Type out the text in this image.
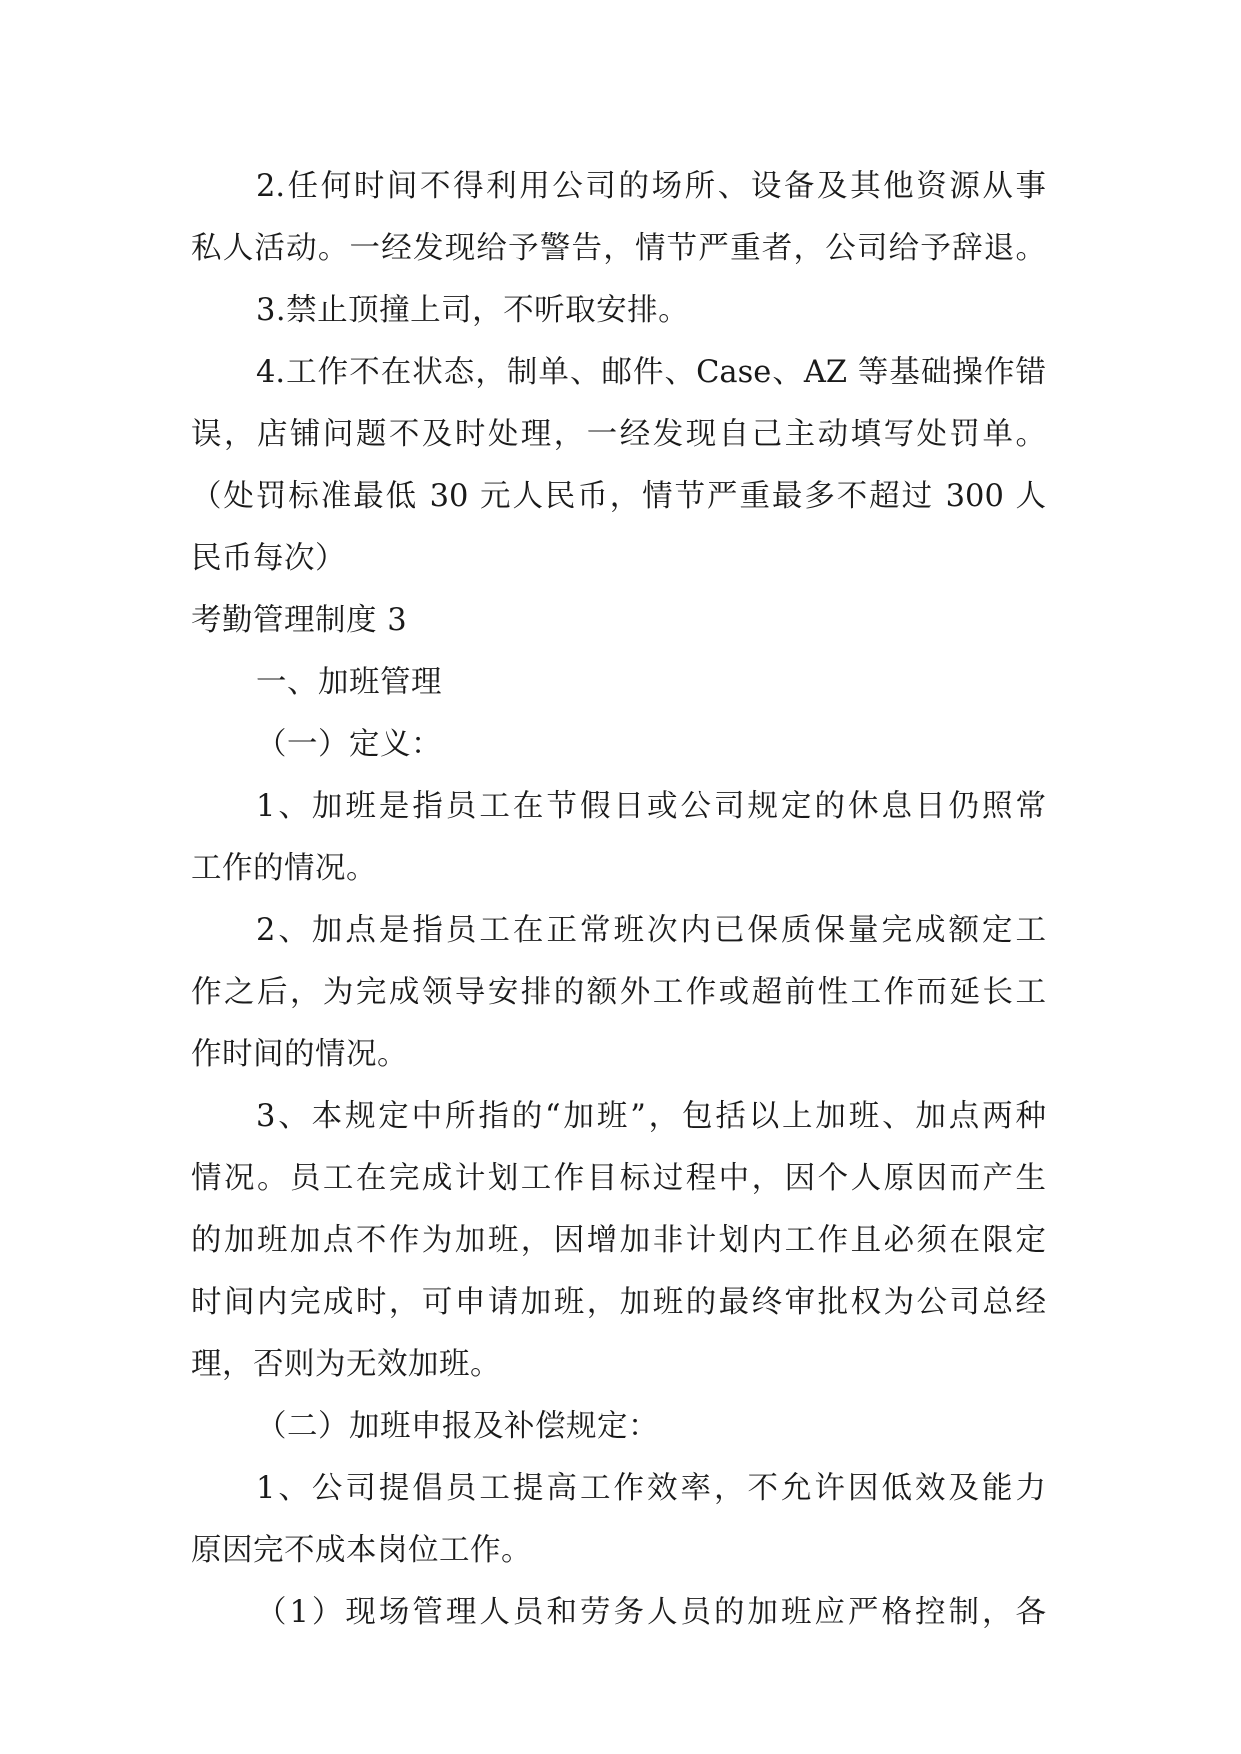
2.任何时间不得利用公司的场所、设备及其他资源从事
私人活动。一经发现给予警告，情节严重者，公司给予辞退。
3.禁止顶撞上司，不听取安排。
4.工作不在状态，制单、邮件、Case、AZ 等基础操作错
误，店铺问题不及时处理，一经发现自己主动填写处罚单。
（处罚标准最低 30 元人民币，情节严重最多不超过 300 人
民币每次）
考勤管理制度 3
一、加班管理
（一）定义：
1、加班是指员工在节假日或公司规定的休息日仍照常
工作的情况。
2、加点是指员工在正常班次内已保质保量完成额定工
作之后，为完成领导安排的额外工作或超前性工作而延长工
作时间的情况。
3、本规定中所指的“加班”，包括以上加班、加点两种
情况。员工在完成计划工作目标过程中，因个人原因而产生
的加班加点不作为加班，因增加非计划内工作且必须在限定
时间内完成时，可申请加班，加班的最终审批权为公司总经
理，否则为无效加班。
（二）加班申报及补偿规定：
1、公司提倡员工提高工作效率，不允许因低效及能力
原因完不成本岗位工作。
（1）现场管理人员和劳务人员的加班应严格控制，各
